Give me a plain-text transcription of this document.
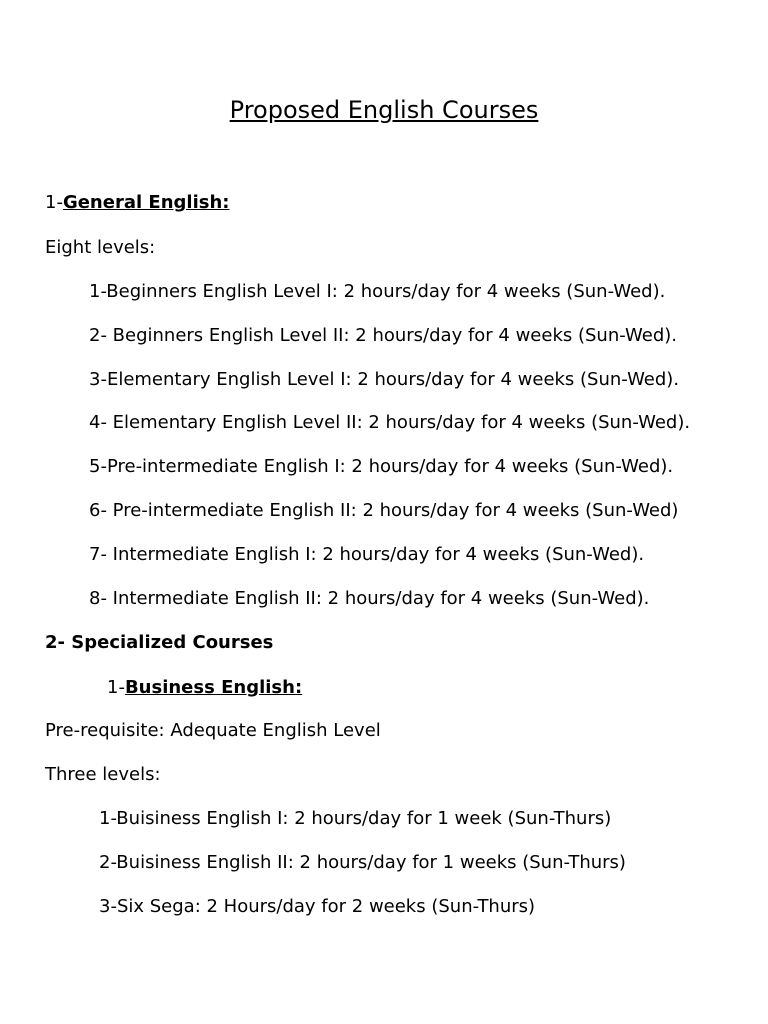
Proposed English Courses

1-General English:

Eight levels:

1-Beginners English Level I: 2 hours/day for 4 weeks (Sun-Wed).

2- Beginners English Level II: 2 hours/day for 4 weeks (Sun-Wed).

3-Elementary English Level I: 2 hours/day for 4 weeks (Sun-Wed).

4- Elementary English Level II: 2 hours/day for 4 weeks (Sun-Wed).

5-Pre-intermediate English I: 2 hours/day for 4 weeks (Sun-Wed).

6- Pre-intermediate English II: 2 hours/day for 4 weeks (Sun-Wed)

7- Intermediate English I: 2 hours/day for 4 weeks (Sun-Wed).

8- Intermediate English II: 2 hours/day for 4 weeks (Sun-Wed).

2- Specialized Courses

1-Business English:

Pre-requisite: Adequate English Level

Three levels:

1-Buisiness English I: 2 hours/day for 1 week (Sun-Thurs)

2-Buisiness English II: 2 hours/day for 1 weeks (Sun-Thurs)

3-Six Sega: 2 Hours/day for 2 weeks (Sun-Thurs)
